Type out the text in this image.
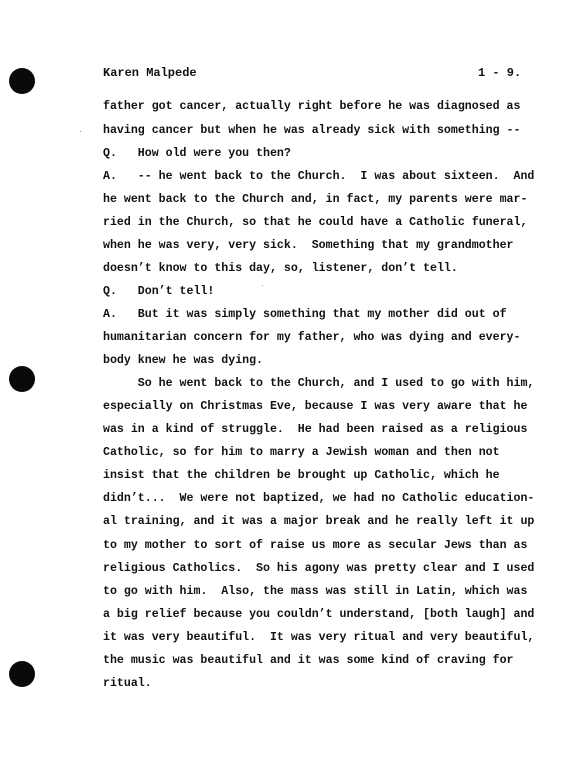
Karen Malpede	1 - 9.
father got cancer, actually right before he was diagnosed as
having cancer but when he was already sick with something --
Q.   How old were you then?
A.   -- he went back to the Church.  I was about sixteen.  And
he went back to the Church and, in fact, my parents were mar-
ried in the Church, so that he could have a Catholic funeral,
when he was very, very sick.  Something that my grandmother
doesn’t know to this day, so, listener, don’t tell.
Q.   Don’t tell!
A.   But it was simply something that my mother did out of
humanitarian concern for my father, who was dying and every-
body knew he was dying.
So he went back to the Church, and I used to go with him,
especially on Christmas Eve, because I was very aware that he
was in a kind of struggle.  He had been raised as a religious
Catholic, so for him to marry a Jewish woman and then not
insist that the children be brought up Catholic, which he
didn’t...  We were not baptized, we had no Catholic education-
al training, and it was a major break and he really left it up
to my mother to sort of raise us more as secular Jews than as
religious Catholics.  So his agony was pretty clear and I used
to go with him.  Also, the mass was still in Latin, which was
a big relief because you couldn’t understand, [both laugh] and
it was very beautiful.  It was very ritual and very beautiful,
the music was beautiful and it was some kind of craving for
ritual.
